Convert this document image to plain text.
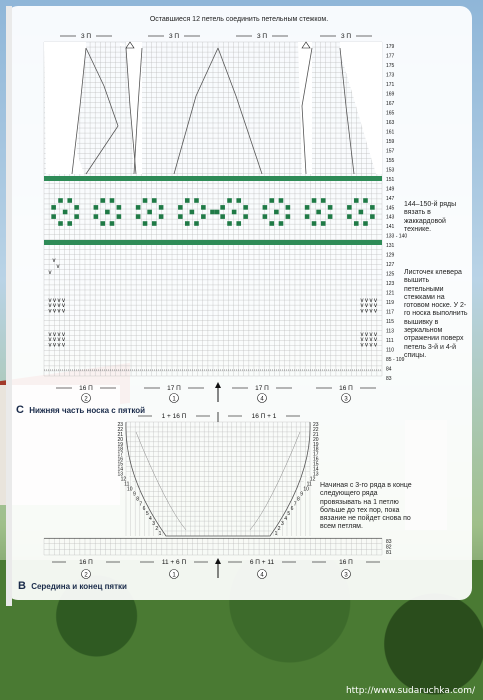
Оставшиеся 12 петель соединить петельным стежком.
3 П	3 П	3 П	3 П
v v v v
v v v v
v v v v
v v v v
v v v v
v v v v
v
v
v
v v v v
v v v v
v v v v
v v v v
v v v v
v v v v
179
177
175
173
171
169
167
165
163
161
159
157
155
153
151
149
147
145
143
141
133 - 140
131
129
127
125
123
121
119
117
115
113
111
110
85 - 109
84
83
16 П
2
17 П
1
17 П
4
16 П
3
1 + 16 П	16 П + 1
23	23
22	22
21	21
20	20
19	19
18	18
17	17
16	16
15	15
14	14
13	13
12	12
11	11
10	10
9	9
8	8
7	7
6	6
5	5
4	4
3	3
2	2
1	1
83
82
81
16 П
2
11 + 6 П
1
6 П + 11
4
16 П
3
144–150-й ряды вязать в жаккардовой технике.
Листочек клевера вышить петельными стежками на готовом носке. У 2-го носка выполнить вышивку в зеркальном отражении поверх петель 3-й и 4-й спицы.
Начиная с 3-го ряда в конце следующего ряда провязывать на 1 петлю больше до тех пор, пока вязание не пойдет снова по всем петлям.
C Нижняя часть носка с пяткой
B Середина и конец пятки
http://www.sudaruchka.com/
